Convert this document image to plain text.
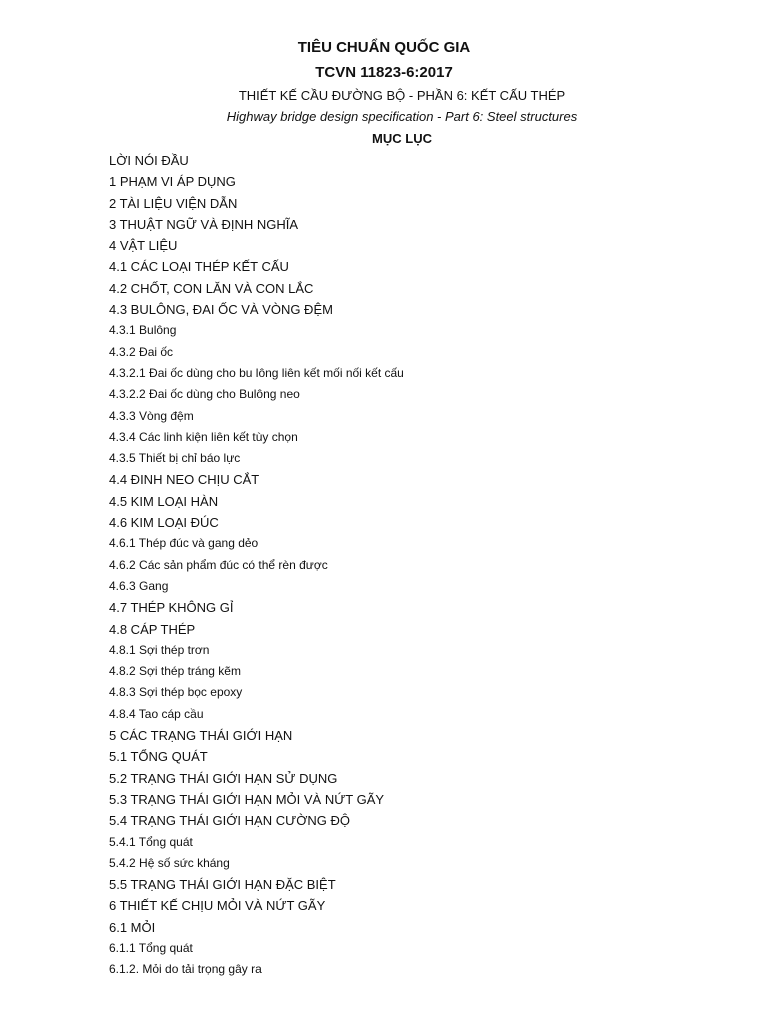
TIÊU CHUẨN QUỐC GIA
TCVN 11823-6:2017
THIẾT KẾ CẦU ĐƯỜNG BỘ - PHẦN 6: KẾT CẤU THÉP
Highway bridge design specification - Part 6: Steel structures
MỤC LỤC
LỜI NÓI ĐẦU
1 PHẠM VI ÁP DỤNG
2 TÀI LIỆU VIỆN DẪN
3 THUẬT NGỮ VÀ ĐỊNH NGHĨA
4 VẬT LIỆU
4.1 CÁC LOẠI THÉP KẾT CẤU
4.2 CHỐT, CON LĂN VÀ CON LẮC
4.3 BULÔNG, ĐAI ỐC VÀ VÒNG ĐỆM
4.3.1 Bulông
4.3.2 Đai ốc
4.3.2.1 Đai ốc dùng cho bu lông liên kết mối nối kết cấu
4.3.2.2 Đai ốc dùng cho Bulông neo
4.3.3 Vòng đệm
4.3.4 Các linh kiện liên kết tùy chọn
4.3.5 Thiết bị chỉ báo lực
4.4 ĐINH NEO CHỊU CẮT
4.5 KIM LOẠI HÀN
4.6 KIM LOẠI ĐÚC
4.6.1 Thép đúc và gang dẻo
4.6.2 Các sản phẩm đúc có thể rèn được
4.6.3 Gang
4.7 THÉP KHÔNG GỈ
4.8 CÁP THÉP
4.8.1 Sợi thép trơn
4.8.2 Sợi thép tráng kẽm
4.8.3 Sợi thép bọc epoxy
4.8.4 Tao cáp cầu
5 CÁC TRẠNG THÁI GIỚI HẠN
5.1 TỔNG QUÁT
5.2 TRẠNG THÁI GIỚI HẠN SỬ DỤNG
5.3 TRẠNG THÁI GIỚI HẠN MỎI VÀ NỨT GÃY
5.4 TRẠNG THÁI GIỚI HẠN CƯỜNG ĐỘ
5.4.1 Tổng quát
5.4.2 Hệ số sức kháng
5.5 TRẠNG THÁI GIỚI HẠN ĐẶC BIỆT
6 THIẾT KẾ CHỊU MỎI VÀ NỨT GÃY
6.1 MỎI
6.1.1 Tổng quát
6.1.2. Mỏi do tải trọng gây ra
